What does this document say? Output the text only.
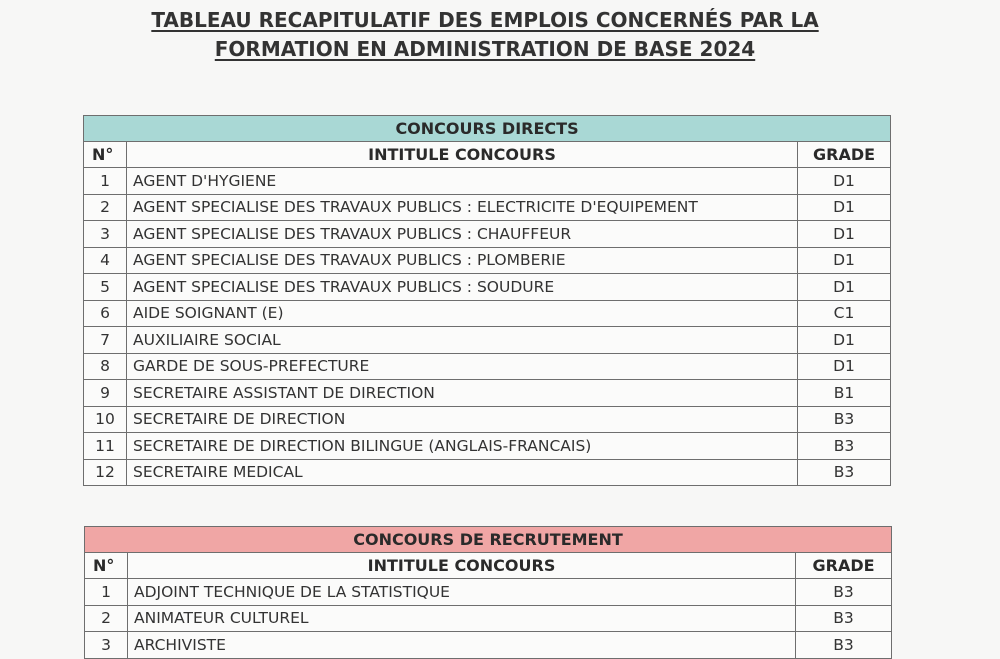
TABLEAU RECAPITULATIF DES EMPLOIS CONCERNÉS PAR LA
FORMATION EN ADMINISTRATION DE BASE 2024
CONCOURS DIRECTS		
N°	INTITULE CONCOURS	GRADE
1	AGENT D'HYGIENE	D1
2	AGENT SPECIALISE DES TRAVAUX PUBLICS : ELECTRICITE D'EQUIPEMENT	D1
3	AGENT SPECIALISE DES TRAVAUX PUBLICS : CHAUFFEUR	D1
4	AGENT SPECIALISE DES TRAVAUX PUBLICS : PLOMBERIE	D1
5	AGENT SPECIALISE DES TRAVAUX PUBLICS : SOUDURE	D1
6	AIDE SOIGNANT (E)	C1
7	AUXILIAIRE SOCIAL	D1
8	GARDE DE SOUS-PREFECTURE	D1
9	SECRETAIRE ASSISTANT DE DIRECTION	B1
10	SECRETAIRE DE DIRECTION	B3
11	SECRETAIRE DE DIRECTION BILINGUE (ANGLAIS-FRANCAIS)	B3
12	SECRETAIRE MEDICAL	B3
CONCOURS DE RECRUTEMENT		
N°	INTITULE CONCOURS	GRADE
1	ADJOINT TECHNIQUE DE LA STATISTIQUE	B3
2	ANIMATEUR CULTUREL	B3
3	ARCHIVISTE	B3
